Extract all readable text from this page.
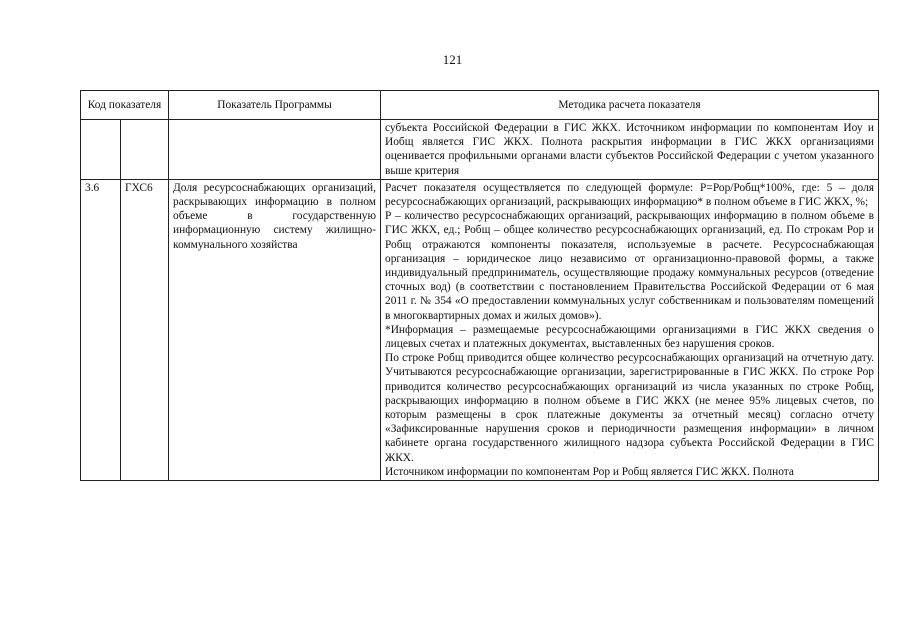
121
Код показателя		Показатель Программы	Методика расчета показателя
			субъекта Российской Федерации в ГИС ЖКХ. Источником информации по компонентам Иоу и Иобщ является ГИС ЖКХ. Полнота раскрытия информации в ГИС ЖКХ организациями оценивается профильными органами власти субъектов Российской Федерации с учетом указанного выше критерия
3.6	ГХС6	Доля ресурсоснабжающих организаций, раскрывающих информацию в полном объеме в государственную информационную систему жилищно-коммунального хозяйства	Расчет показателя осуществляется по следующей формуле: Р=Рор/Робщ*100%, где: 5 – доля ресурсоснабжающих организаций, раскрывающих информацию* в полном объеме в ГИС ЖКХ, %;

Р – количество ресурсоснабжающих организаций, раскрывающих информацию в полном объеме в ГИС ЖКХ, ед.; Робщ – общее количество ресурсоснабжающих организаций, ед. По строкам Рор и Робщ отражаются компоненты показателя, используемые в расчете. Ресурсоснабжающая организация – юридическое лицо независимо от организационно-правовой формы, а также индивидуальный предприниматель, осуществляющие продажу коммунальных ресурсов (отведение сточных вод) (в соответствии с постановлением Правительства Российской Федерации от 6 мая 2011 г. № 354 «О предоставлении коммунальных услуг собственникам и пользователям помещений в многоквартирных домах и жилых домов»).

*Информация – размещаемые ресурсоснабжающими организациями в ГИС ЖКХ сведения о лицевых счетах и платежных документах, выставленных без нарушения сроков.

По строке Робщ приводится общее количество ресурсоснабжающих организаций на отчетную дату. Учитываются ресурсоснабжающие организации, зарегистрированные в ГИС ЖКХ. По строке Рор приводится количество ресурсоснабжающих организаций из числа указанных по строке Робщ, раскрывающих информацию в полном объеме в ГИС ЖКХ (не менее 95% лицевых счетов, по которым размещены в срок платежные документы за отчетный месяц) согласно отчету «Зафиксированные нарушения сроков и периодичности размещения информации» в личном кабинете органа государственного жилищного надзора субъекта Российской Федерации в ГИС ЖКХ.

Источником информации по компонентам Рор и Робщ является ГИС ЖКХ. Полнота
